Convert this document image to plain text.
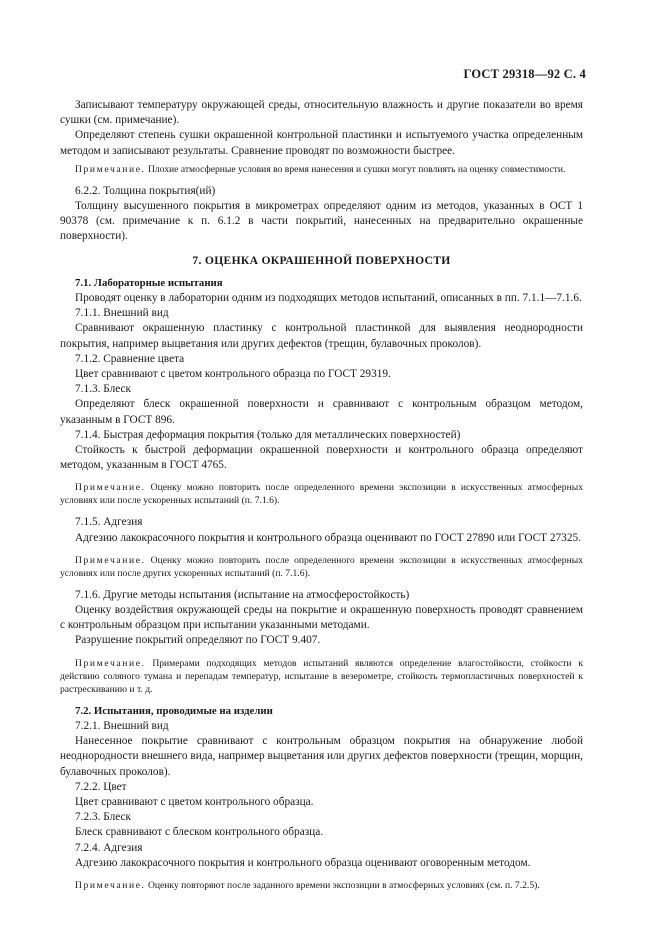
ГОСТ 29318—92 С. 4

Записывают температуру окружающей среды, относительную влажность и другие показатели во время сушки (см. примечание).

Определяют степень сушки окрашенной контрольной пластинки и испытуемого участка определенным методом и записывают результаты. Сравнение проводят по возможности быстрее.

Примечание. Плохие атмосферные условия во время нанесения и сушки могут повлиять на оценку совместимости.

6.2.2. Толщина покрытия(ий)

Толщину высушенного покрытия в микрометрах определяют одним из методов, указанных в ОСТ 1 90378 (см. примечание к п. 6.1.2 в части покрытий, нанесенных на предварительно окрашенные поверхности).

7. ОЦЕНКА ОКРАШЕННОЙ ПОВЕРХНОСТИ

7.1. Лабораторные испытания

Проводят оценку в лаборатории одним из подходящих методов испытаний, описанных в пп. 7.1.1—7.1.6.

7.1.1. Внешний вид

Сравнивают окрашенную пластинку с контрольной пластинкой для выявления неоднородности покрытия, например выцветания или других дефектов (трещин, булавочных проколов).

7.1.2. Сравнение цвета

Цвет сравнивают с цветом контрольного образца по ГОСТ 29319.

7.1.3. Блеск

Определяют блеск окрашенной поверхности и сравнивают с контрольным образцом методом, указанным в ГОСТ 896.

7.1.4. Быстрая деформация покрытия (только для металлических поверхностей)

Стойкость к быстрой деформации окрашенной поверхности и контрольного образца определяют методом, указанным в ГОСТ 4765.

Примечание. Оценку можно повторить после определенного времени экспозиции в искусственных атмосферных условиях или после ускоренных испытаний (п. 7.1.6).

7.1.5. Адгезия

Адгезию лакокрасочного покрытия и контрольного образца оценивают по ГОСТ 27890 или ГОСТ 27325.

Примечание. Оценку можно повторить после определенного времени экспозиции в искусственных атмосферных условиях или после других ускоренных испытаний (п. 7.1.6).

7.1.6. Другие методы испытания (испытание на атмосферостойкость)

Оценку воздействия окружающей среды на покрытие и окрашенную поверхность проводят сравнением с контрольным образцом при испытании указанными методами.

Разрушение покрытий определяют по ГОСТ 9.407.

Примечание. Примерами подходящих методов испытаний являются определение влагостойкости, стойкости к действию соляного тумана и перепадам температур, испытание в везерометре, стойкость термопластичных поверхностей к растрескиванию и т. д.

7.2. Испытания, проводимые на изделии

7.2.1. Внешний вид

Нанесенное покрытие сравнивают с контрольным образцом покрытия на обнаружение любой неоднородности внешнего вида, например выцветания или других дефектов поверхности (трещин, морщин, булавочных проколов).

7.2.2. Цвет

Цвет сравнивают с цветом контрольного образца.

7.2.3. Блеск

Блеск сравнивают с блеском контрольного образца.

7.2.4. Адгезия

Адгезию лакокрасочного покрытия и контрольного образца оценивают оговоренным методом.

Примечание. Оценку повторяют после заданного времени экспозиции в атмосферных условиях (см. п. 7.2.5).
